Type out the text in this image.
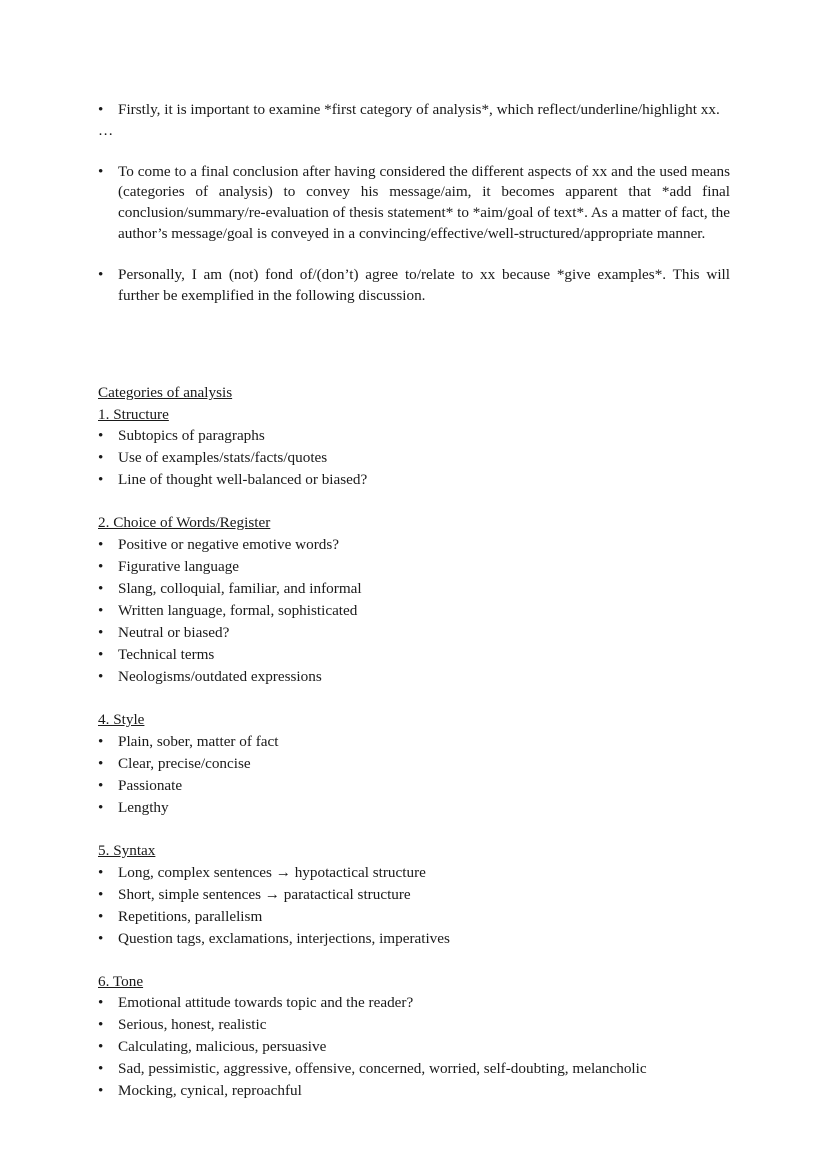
• Firstly, it is important to examine *first category of analysis*, which reflect/underline/highlight xx.
…
• To come to a final conclusion after having considered the different aspects of xx and the used means (categories of analysis) to convey his message/aim, it becomes apparent that *add final conclusion/summary/re-evaluation of thesis statement* to *aim/goal of text*. As a matter of fact, the author’s message/goal is conveyed in a convincing/effective/well-structured/appropriate manner.
• Personally, I am (not) fond of/(don’t) agree to/relate to xx because *give examples*. This will further be exemplified in the following discussion.
Categories of analysis
1. Structure
• Subtopics of paragraphs
• Use of examples/stats/facts/quotes
• Line of thought well-balanced or biased?
2. Choice of Words/Register
• Positive or negative emotive words?
• Figurative language
• Slang, colloquial, familiar, and informal
• Written language, formal, sophisticated
• Neutral or biased?
• Technical terms
• Neologisms/outdated expressions
4. Style
• Plain, sober, matter of fact
• Clear, precise/concise
• Passionate
• Lengthy
5. Syntax
• Long, complex sentences → hypotactical structure
• Short, simple sentences → paratactical structure
• Repetitions, parallelism
• Question tags, exclamations, interjections, imperatives
6. Tone
• Emotional attitude towards topic and the reader?
• Serious, honest, realistic
• Calculating, malicious, persuasive
• Sad, pessimistic, aggressive, offensive, concerned, worried, self-doubting, melancholic
• Mocking, cynical, reproachful
